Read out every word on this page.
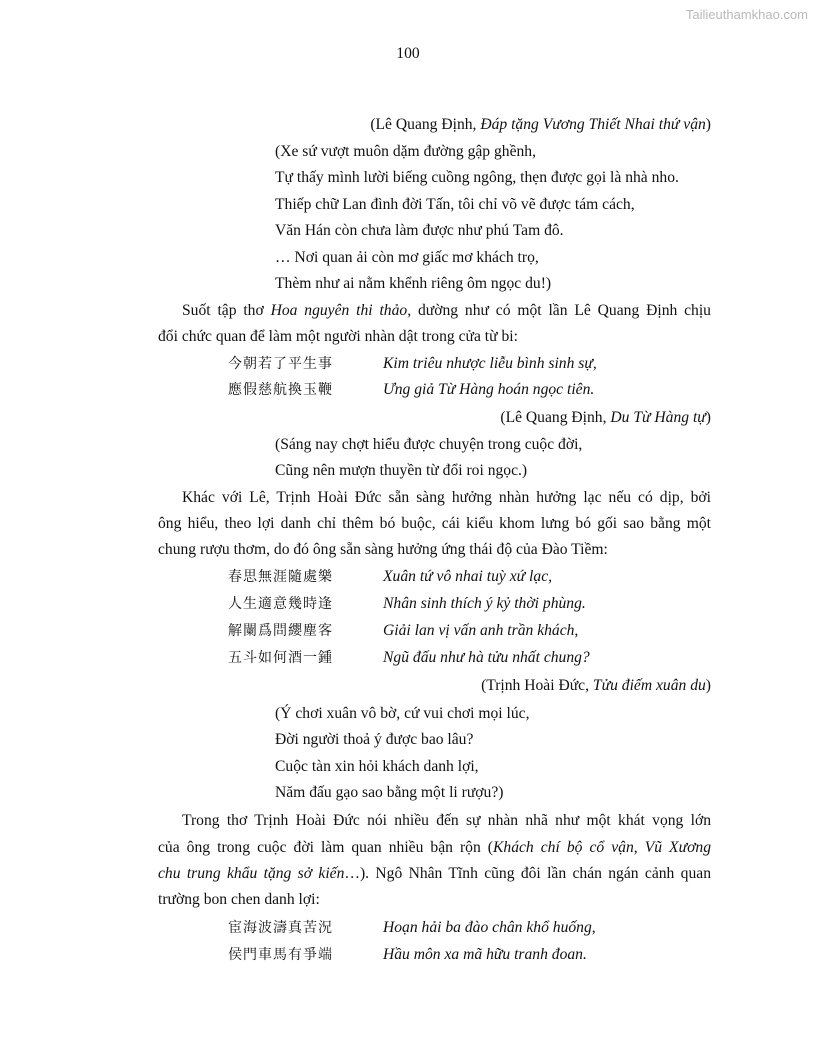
Tailieuthamkhao.com
100
(Lê Quang Định, Đáp tặng Vương Thiết Nhai thứ vận)
(Xe sứ vượt muôn dặm đường gập ghềnh,
Tự thấy mình lười biếng cuồng ngông, thẹn được gọi là nhà nho.
Thiếp chữ Lan đình đời Tấn, tôi chỉ võ vẽ được tám cách,
Văn Hán còn chưa làm được như phú Tam đô.
… Nơi quan ải còn mơ giấc mơ khách trọ,
Thèm như ai nằm khểnh riêng ôm ngọc du!)
Suốt tập thơ Hoa nguyên thi thảo, dường như có một lần Lê Quang Định chịu
đổi chức quan để làm một người nhàn dật trong cửa từ bi:
今朝若了平生事	Kim triêu nhược liễu bình sinh sự,
應假慈航換玉鞭	Ưng giả Từ Hàng hoán ngọc tiên.
(Lê Quang Định, Du Từ Hàng tự)
(Sáng nay chợt hiểu được chuyện trong cuộc đời,
Cũng nên mượn thuyền từ đổi roi ngọc.)
Khác với Lê, Trịnh Hoài Đức sẵn sàng hưởng nhàn hưởng lạc nếu có dịp, bởi
ông hiểu, theo lợi danh chỉ thêm bó buộc, cái kiểu khom lưng bó gối sao bằng một
chung rượu thơm, do đó ông sẵn sàng hưởng ứng thái độ của Đào Tiềm:
春思無涯隨處樂	Xuân tứ vô nhai tuỳ xứ lạc,
人生適意幾時逢	Nhân sinh thích ý kỷ thời phùng.
解闌爲問纓塵客	Giải lan vị vấn anh trần khách,
五斗如何酒一鍾	Ngũ đấu như hà tửu nhất chung?
(Trịnh Hoài Đức, Tửu điếm xuân du)
(Ý chơi xuân vô bờ, cứ vui chơi mọi lúc,
Đời người thoả ý được bao lâu?
Cuộc tàn xin hỏi khách danh lợi,
Năm đấu gạo sao bằng một li rượu?)
Trong thơ Trịnh Hoài Đức nói nhiều đến sự nhàn nhã như một khát vọng lớn
của ông trong cuộc đời làm quan nhiều bận rộn (Khách chí bộ cổ vận, Vũ Xương
chu trung khẩu tặng sở kiến…). Ngô Nhân Tĩnh cũng đôi lần chán ngán cảnh quan
trường bon chen danh lợi:
宦海波濤真苦況	Hoạn hải ba đào chân khổ huống,
侯門車馬有爭端	Hầu môn xa mã hữu tranh đoan.
